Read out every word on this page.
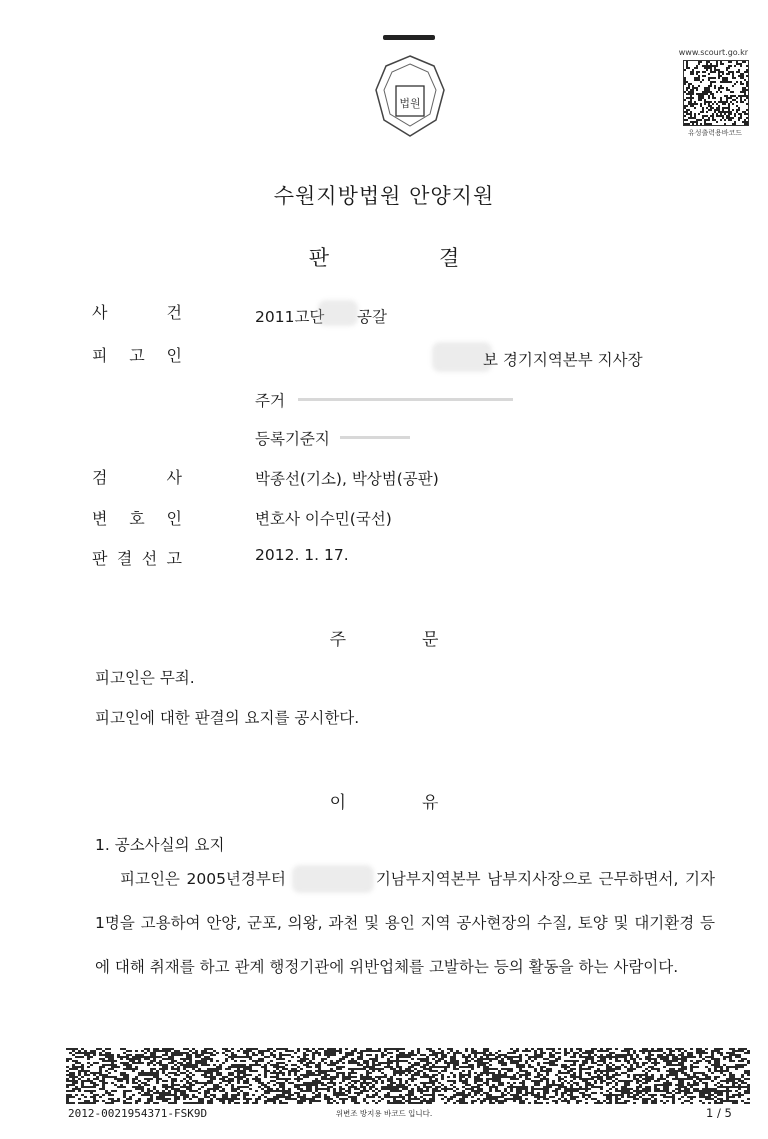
법원
www.scourt.go.kr
유성출력용바코드
수원지방법원 안양지원
판	결
사	건	2011고단 공갈
피 고 인	보 경기지역본부 지사장
주거
등록기준지
검	사	박종선(기소), 박상범(공판)
변 호 인	변호사 이수민(국선)
판 결 선 고	2012. 1. 17.
주	문
피고인은 무죄.
피고인에 대한 판결의 요지를 공시한다.
이	유
1. 공소사실의 요지
피고인은 2005년경부터	기남부지역본부 남부지사장으로 근무하면서, 기자 1명을 고용하여 안양, 군포, 의왕, 과천 및 용인 지역 공사현장의 수질, 토양 및 대기환경 등에 대해 취재를 하고 관계 행정기관에 위반업체를 고발하는 등의 활동을 하는 사람이다.
2012-0021954371-FSK9D	위변조 방지용 바코드 입니다.	1 / 5
